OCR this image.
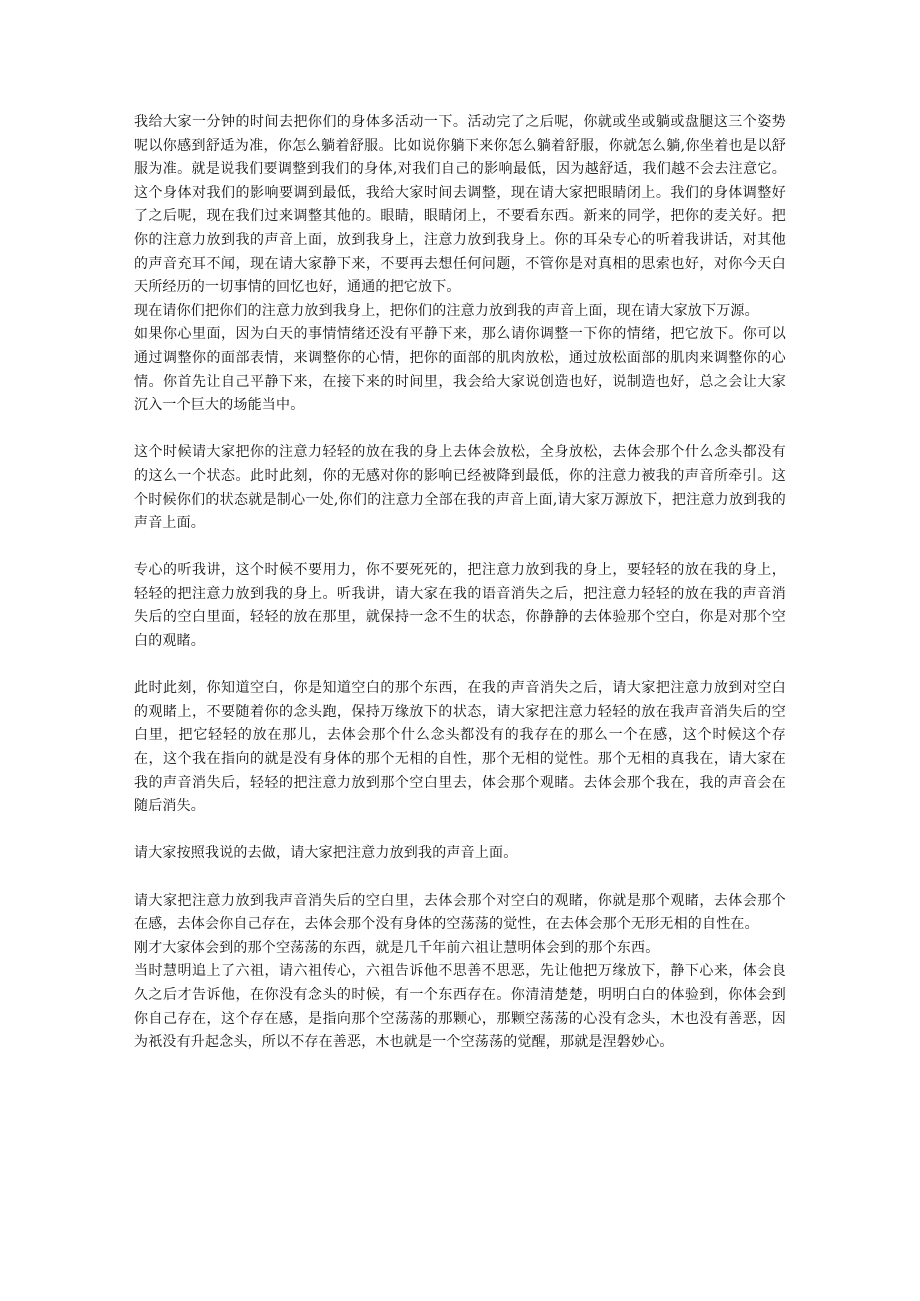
我给大家一分钟的时间去把你们的身体多活动一下。活动完了之后呢，你就或坐或躺或盘腿这三个姿势呢以你感到舒适为准，你怎么躺着舒服。比如说你躺下来你怎么躺着舒服，你就怎么躺,你坐着也是以舒服为准。就是说我们要调整到我们的身体,对我们自己的影响最低，因为越舒适，我们越不会去注意它。这个身体对我们的影响要调到最低，我给大家时间去调整，现在请大家把眼睛闭上。我们的身体调整好了之后呢，现在我们过来调整其他的。眼睛，眼睛闭上，不要看东西。新来的同学，把你的麦关好。把你的注意力放到我的声音上面，放到我身上，注意力放到我身上。你的耳朵专心的听着我讲话，对其他的声音充耳不闻，现在请大家静下来，不要再去想任何问题，不管你是对真相的思索也好，对你今天白天所经历的一切事情的回忆也好，通通的把它放下。

现在请你们把你们的注意力放到我身上，把你们的注意力放到我的声音上面，现在请大家放下万源。

如果你心里面，因为白天的事情情绪还没有平静下来，那么请你调整一下你的情绪，把它放下。你可以通过调整你的面部表情，来调整你的心情，把你的面部的肌肉放松，通过放松面部的肌肉来调整你的心情。你首先让自己平静下来，在接下来的时间里，我会给大家说创造也好，说制造也好，总之会让大家沉入一个巨大的场能当中。

这个时候请大家把你的注意力轻轻的放在我的身上去体会放松，全身放松，去体会那个什么念头都没有的这么一个状态。此时此刻，你的无感对你的影响已经被降到最低，你的注意力被我的声音所牵引。这个时候你们的状态就是制心一处,你们的注意力全部在我的声音上面,请大家万源放下，把注意力放到我的声音上面。

专心的听我讲，这个时候不要用力，你不要死死的，把注意力放到我的身上，要轻轻的放在我的身上，轻轻的把注意力放到我的身上。听我讲，请大家在我的语音消失之后，把注意力轻轻的放在我的声音消失后的空白里面，轻轻的放在那里，就保持一念不生的状态，你静静的去体验那个空白，你是对那个空白的观睹。

此时此刻，你知道空白，你是知道空白的那个东西，在我的声音消失之后，请大家把注意力放到对空白的观睹上，不要随着你的念头跑，保持万缘放下的状态，请大家把注意力轻轻的放在我声音消失后的空白里，把它轻轻的放在那儿，去体会那个什么念头都没有的我存在的那么一个在感，这个时候这个存在，这个我在指向的就是没有身体的那个无相的自性，那个无相的觉性。那个无相的真我在，请大家在我的声音消失后，轻轻的把注意力放到那个空白里去，体会那个观睹。去体会那个我在，我的声音会在随后消失。

请大家按照我说的去做，请大家把注意力放到我的声音上面。

请大家把注意力放到我声音消失后的空白里，去体会那个对空白的观睹，你就是那个观睹，去体会那个在感，去体会你自己存在，去体会那个没有身体的空荡荡的觉性，在去体会那个无形无相的自性在。

刚才大家体会到的那个空荡荡的东西，就是几千年前六祖让慧明体会到的那个东西。

当时慧明追上了六祖，请六祖传心，六祖告诉他不思善不思恶，先让他把万缘放下，静下心来，体会良久之后才告诉他，在你没有念头的时候，有一个东西存在。你清清楚楚，明明白白的体验到，你体会到你自己存在，这个存在感，是指向那个空荡荡的那颗心，那颗空荡荡的心没有念头，木也没有善恶，因为祇没有升起念头，所以不存在善恶，木也就是一个空荡荡的觉醒，那就是涅磐妙心。
